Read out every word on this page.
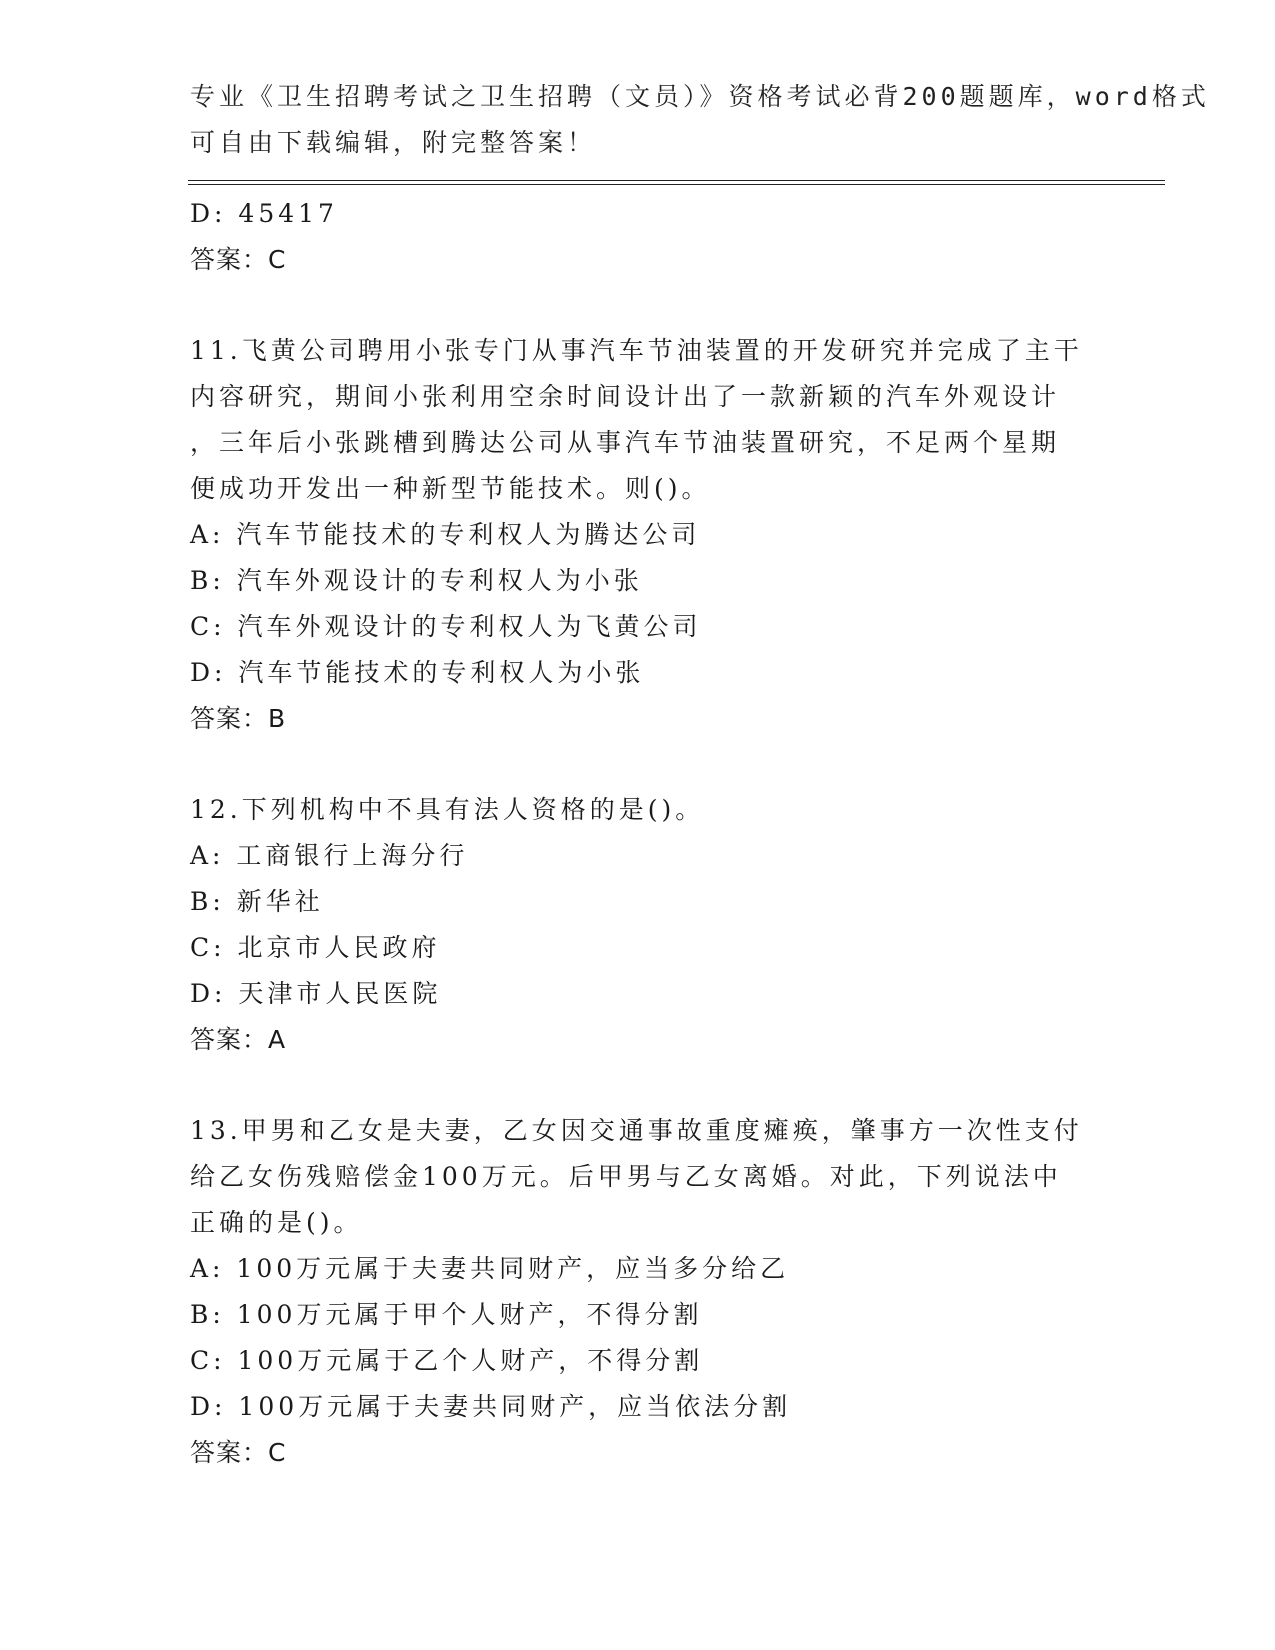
专业《卫生招聘考试之卫生招聘（文员）》资格考试必背200题题库，word格式
可自由下载编辑，附完整答案！
D: 45417
答案：C
11.飞黄公司聘用小张专门从事汽车节油装置的开发研究并完成了主干
内容研究，期间小张利用空余时间设计出了一款新颖的汽车外观设计
，三年后小张跳槽到腾达公司从事汽车节油装置研究，不足两个星期
便成功开发出一种新型节能技术。则()。
A: 汽车节能技术的专利权人为腾达公司
B: 汽车外观设计的专利权人为小张
C: 汽车外观设计的专利权人为飞黄公司
D: 汽车节能技术的专利权人为小张
答案：B
12.下列机构中不具有法人资格的是()。
A: 工商银行上海分行
B: 新华社
C: 北京市人民政府
D: 天津市人民医院
答案：A
13.甲男和乙女是夫妻，乙女因交通事故重度瘫痪，肇事方一次性支付
给乙女伤残赔偿金100万元。后甲男与乙女离婚。对此，下列说法中
正确的是()。
A: 100万元属于夫妻共同财产，应当多分给乙
B: 100万元属于甲个人财产，不得分割
C: 100万元属于乙个人财产，不得分割
D: 100万元属于夫妻共同财产，应当依法分割
答案：C
